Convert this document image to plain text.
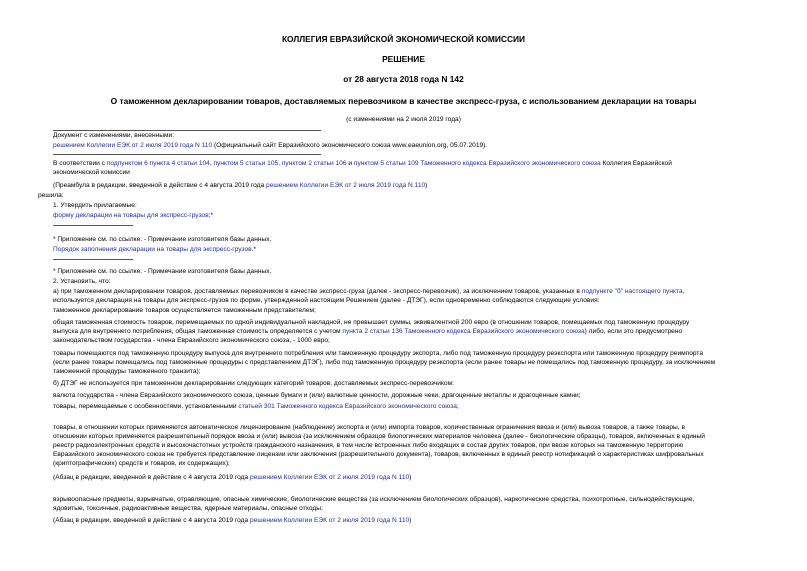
КОЛЛЕГИЯ ЕВРАЗИЙСКОЙ ЭКОНОМИЧЕСКОЙ КОМИССИИ
РЕШЕНИЕ
от 28 августа 2018 года N 142
О таможенном декларировании товаров, доставляемых перевозчиком в качестве экспресс-груза, с использованием декларации на товары
(с изменениями на 2 июля 2019 года)
Документ с изменениями, внесенными:
решением Коллегии ЕЭК от 2 июля 2019 года N 110 (Официальный сайт Евразийского экономического союза www.eaeunion.org, 05.07.2019).
В соответствии с подпунктом 6 пункта 4 статьи 104, пунктом 5 статьи 105, пунктом 2 статьи 106 и пунктом 5 статьи 109 Таможенного кодекса Евразийского экономического союза Коллегия Евразийской
экономической комиссии
(Преамбула в редакции, введенной в действие с 4 августа 2019 года решением Коллегии ЕЭК от 2 июля 2019 года N 110)
решила:
1. Утвердить прилагаемые:
форму декларации на товары для экспресс-грузов;*
* Приложение см. по ссылке. - Примечание изготовителя базы данных.
Порядок заполнения декларации на товары для экспресс-грузов.*
* Приложение см. по ссылке. - Примечание изготовителя базы данных.
2. Установить, что:
а) при таможенном декларировании товаров, доставляемых перевозчиком в качестве экспресс-груза (далее - экспресс-перевозчик), за исключением товаров, указанных в подпункте "б" настоящего пункта,
используется декларация на товары для экспресс-грузов по форме, утвержденной настоящим Решением (далее - ДТЭГ), если одновременно соблюдаются следующие условия:
таможенное декларирование товаров осуществляется таможенным представителем;
общая таможенная стоимость товаров, перемещаемых по одной индивидуальной накладной, не превышает суммы, эквивалентной 200 евро (в отношении товаров, помещаемых под таможенную процедуру
выпуска для внутреннего потребления, общая таможенная стоимость определяется с учетом пункта 2 статьи 136 Таможенного кодекса Евразийского экономического союза) либо, если это предусмотрено
законодательством государства - члена Евразийского экономического союза, - 1000 евро;
товары помещаются под таможенную процедуру выпуска для внутреннего потребления или таможенную процедуру экспорта, либо под таможенную процедуру реэкспорта или таможенную процедуру реимпорта
(если ранее товары помещались под таможенные процедуры с представлением ДТЭГ), либо под таможенную процедуру реэкспорта (если ранее товары не помещались под таможенную процедуру, за исключением
таможенной процедуры таможенного транзита);
б) ДТЭГ не используется при таможенном декларировании следующих категорий товаров, доставляемых экспресс-перевозчиком:
валюта государства - члена Евразийского экономического союза, ценные бумаги и (или) валютные ценности, дорожные чеки, драгоценные металлы и драгоценные камни;
товары, перемещаемые с особенностями, установленными статьей 301 Таможенного кодекса Евразийского экономического союза;
товары, в отношении которых применяются автоматическое лицензирование (наблюдение) экспорта и (или) импорта товаров, количественные ограничения ввоза и (или) вывоза товаров, а также товары, в
отношении которых применяется разрешительный порядок ввоза и (или) вывоза (за исключением образцов биологических материалов человека (далее - биологические образцы), товаров, включенных в единый
реестр радиоэлектронных средств и высокочастотных устройств гражданского назначения, в том числе встроенных либо входящих в состав других товаров, при ввозе которых на таможенную территорию
Евразийского экономического союза не требуется представление лицензии или заключения (разрешительного документа), товаров, включенных в единый реестр нотификаций о характеристиках шифровальных
(криптографических) средств и товаров, их содержащих);
(Абзац в редакции, введенной в действие с 4 августа 2019 года решением Коллегии ЕЭК от 2 июля 2019 года N 110)
взрывоопасные предметы, взрывчатые, отравляющие, опасные химические, биологические вещества (за исключением биологических образцов), наркотические средства, психотропные, сильнодействующие,
ядовитые, токсичные, радиоактивные вещества, ядерные материалы, опасные отходы;
(Абзац в редакции, введенной в действие с 4 августа 2019 года решением Коллегии ЕЭК от 2 июля 2019 года N 110)
